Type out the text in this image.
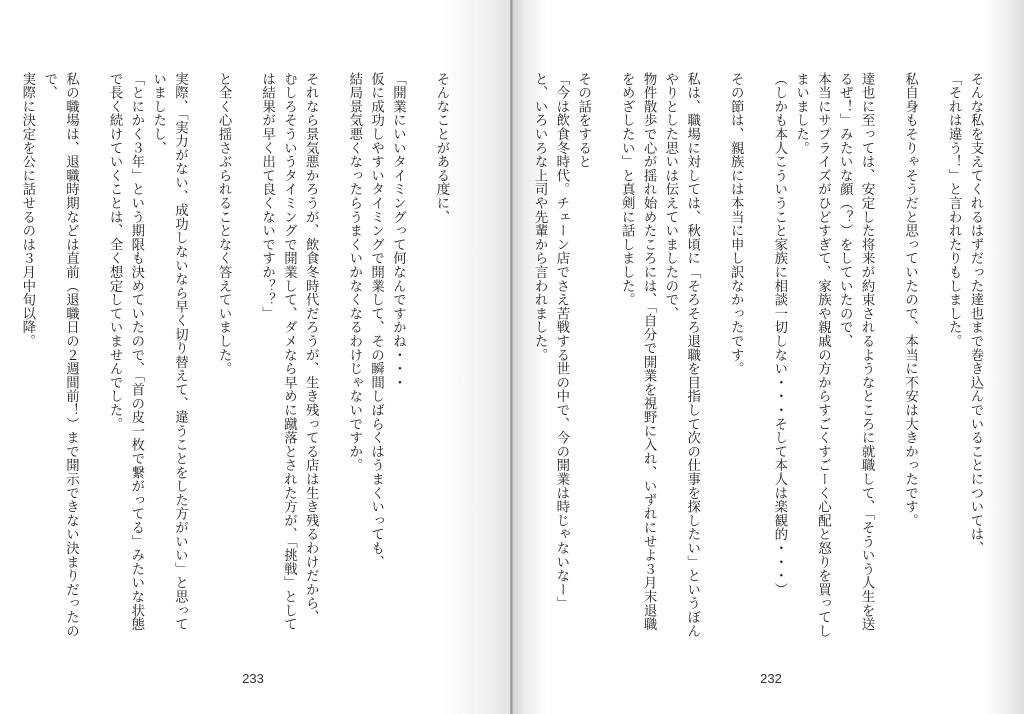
そんなことがある度に、
「開業にいいタイミングって何なんですかね・・・
仮に成功しやすいタイミングで開業して、その瞬間しばらくはうまくいっても、
結局景気悪くなったらうまくいかなくなるわけじゃないですか。
それなら景気悪かろうが、飲食冬時代だろうが、生き残ってる店は生き残るわけだから、
むしろそういうタイミングで開業して、ダメなら早めに蹴落とされた方が、「挑戦」として
は結果が早く出て良くないですか？？」
と全く心揺さぶられることなく答えていました。
実際、「実力がない、成功しないなら早く切り替えて、違うことをした方がいい」と思って
いましたし、
「とにかく３年」という期限も決めていたので、「首の皮一枚で繋がってる」みたいな状態
で長く続けていくことは、全く想定していませんでした。
私の職場は、退職時期などは直前（退職日の２週間前！）まで開示できない決まりだったの
で、
実際に決定を公に話せるのは３月中旬以降。
233
そんな私を支えてくれるはずだった達也まで巻き込んでいることについては、
「それは違う！」と言われたりもしました。
私自身もそりゃそうだと思っていたので、本当に不安は大きかったです。
達也に至っては、安定した将来が約束されるようなところに就職して、「そういう人生を送
るぜ！」みたいな顔（？）をしていたので、
本当にサプライズがひどすぎて、家族や親戚の方からすごくすごーく心配と怒りを買ってし
まいました。
（しかも本人こういうこと家族に相談一切しない・・・そして本人は楽観的・・・）
その節は、親族には本当に申し訳なかったです。
私は、職場に対しては、秋頃に「そろそろ退職を目指して次の仕事を探したい」というぼん
やりとした思いは伝えていましたので、
物件散歩で心が揺れ始めたころには、「自分で開業を視野に入れ、いずれにせよ３月末退職
をめざしたい」と真剣に話しました。
その話をすると
「今は飲食冬時代。チェーン店でさえ苦戦する世の中で、今の開業は時じゃないなー」
と、いろいろな上司や先輩から言われました。
232
